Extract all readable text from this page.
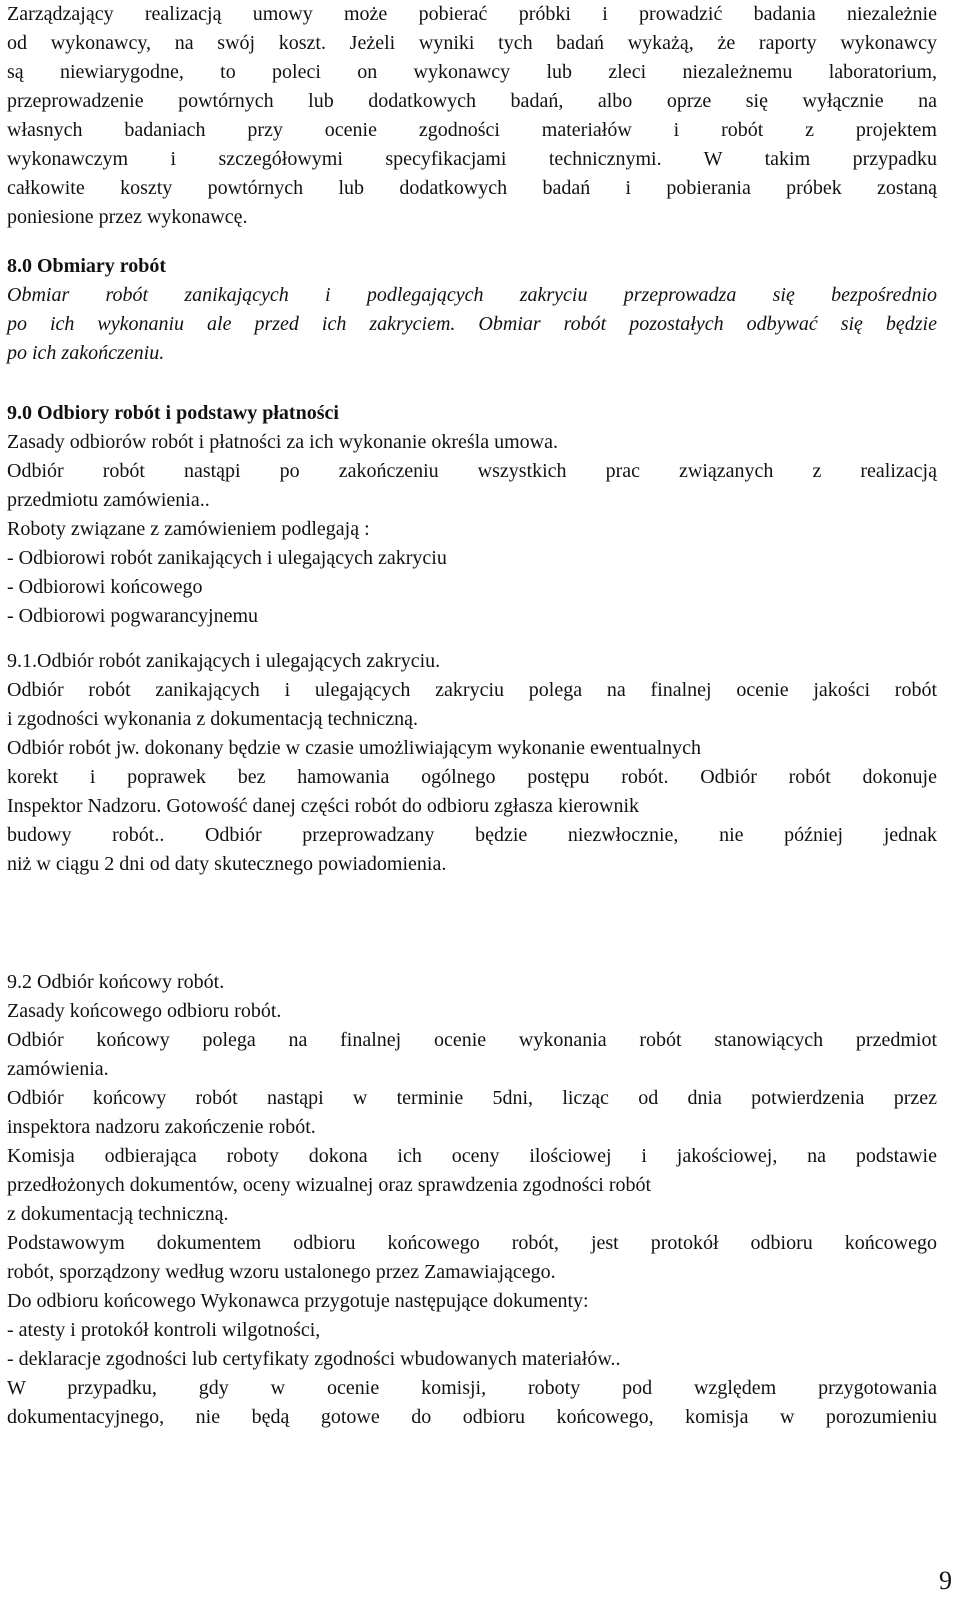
Zarządzający realizacją umowy może pobierać próbki i prowadzić badania niezależnie

od wykonawcy, na swój koszt. Jeżeli wyniki tych badań wykażą, że raporty wykonawcy

są niewiarygodne, to poleci on wykonawcy lub zleci niezależnemu laboratorium,

przeprowadzenie powtórnych lub dodatkowych badań, albo oprze się wyłącznie na

własnych badaniach przy ocenie zgodności materiałów i robót z projektem

wykonawczym i szczegółowymi specyfikacjami technicznymi. W takim przypadku

całkowite koszty powtórnych lub dodatkowych badań i pobierania próbek zostaną

poniesione przez wykonawcę.

8.0 Obmiary robót

Obmiar robót zanikających i podlegających zakryciu przeprowadza się bezpośrednio

po ich wykonaniu ale przed ich zakryciem. Obmiar robót pozostałych odbywać się będzie

po ich zakończeniu.

9.0 Odbiory robót i podstawy płatności

Zasady odbiorów robót i płatności za ich wykonanie określa umowa.

Odbiór robót nastąpi po zakończeniu wszystkich prac związanych z realizacją

przedmiotu zamówienia..

Roboty związane z zamówieniem podlegają :

- Odbiorowi robót zanikających i ulegających zakryciu

- Odbiorowi końcowego

- Odbiorowi pogwarancyjnemu

9.1.Odbiór robót zanikających i ulegających zakryciu.

Odbiór robót zanikających i ulegających zakryciu polega na finalnej ocenie jakości robót

i zgodności wykonania z dokumentacją techniczną.

Odbiór robót jw. dokonany będzie w czasie umożliwiającym wykonanie ewentualnych

korekt i poprawek bez hamowania ogólnego postępu robót. Odbiór robót dokonuje

Inspektor Nadzoru. Gotowość danej części robót do odbioru zgłasza kierownik

budowy robót.. Odbiór przeprowadzany będzie niezwłocznie, nie później jednak

niż w ciągu 2 dni od daty skutecznego powiadomienia.

9.2 Odbiór końcowy robót.

Zasady końcowego odbioru robót.

Odbiór końcowy polega na finalnej ocenie wykonania robót stanowiących przedmiot

zamówienia.

Odbiór końcowy robót nastąpi w terminie 5dni, licząc od dnia potwierdzenia przez

inspektora nadzoru zakończenie robót.

Komisja odbierająca roboty dokona ich oceny ilościowej i jakościowej, na podstawie

przedłożonych dokumentów, oceny wizualnej oraz sprawdzenia zgodności robót

z dokumentacją techniczną.

Podstawowym dokumentem odbioru końcowego robót, jest protokół odbioru końcowego

robót, sporządzony według wzoru ustalonego przez Zamawiającego.

Do odbioru końcowego Wykonawca przygotuje następujące dokumenty:

- atesty i protokół kontroli wilgotności,

- deklaracje zgodności lub certyfikaty zgodności wbudowanych materiałów..

W przypadku, gdy w ocenie komisji, roboty pod względem przygotowania

dokumentacyjnego, nie będą gotowe do odbioru końcowego, komisja w porozumieniu

9
